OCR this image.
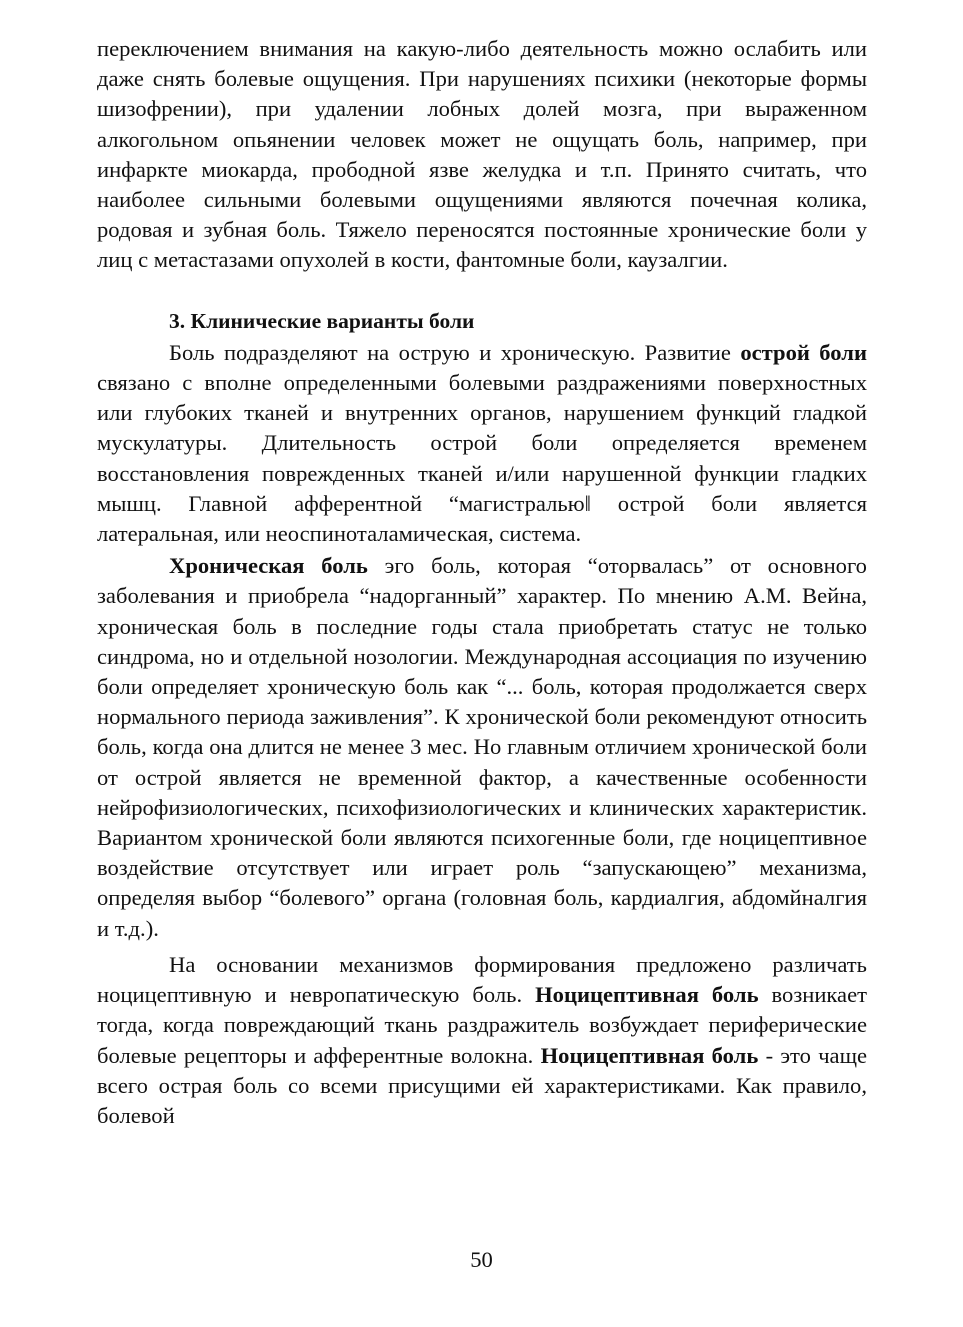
переключением внимания на какую-либо деятельность можно ослабить или даже снять болевые ощущения. При нарушениях психики (некоторые формы шизофрении), при удалении лобных долей мозга, при выраженном алкогольном опьянении человек может не ощущать боль, например, при инфаркте миокарда, прободной язве желудка и т.п. Принято считать, что наиболее сильными болевыми ощущениями являются почечная колика, родовая и зубная боль. Тяжело переносятся постоянные хронические боли у лиц с метастазами опухолей в кости, фантомные боли, каузалгии.

3. Клинические варианты боли

Боль подразделяют на острую и хроническую. Развитие острой боли связано с вполне определенными болевыми раздражениями поверхностных или глубоких тканей и внутренних органов, нарушением функций гладкой мускулатуры. Длительность острой боли определяется временем восстановления поврежденных тканей и/или нарушенной функции гладких мышц. Главной афферентной “магистралью‖ острой боли является латеральная, или неоспиноталамическая, система.

Хроническая боль эго боль, которая “оторвалась” от основного заболевания и приобрела “надорганный” характер. По мнению А.М. Вейна, хроническая боль в последние годы стала приобретать статус не только синдрома, но и отдельной нозологии. Международная ассоциация по изучению боли определяет хроническую боль как “... боль, которая продолжается сверх нормального периода заживления”. К хронической боли рекомендуют относить боль, когда она длится не менее 3 мес. Но главным отличием хронической боли от острой является не временной фактор, а качественные особенности нейрофизиологических, психофизиологических и клинических характеристик. Вариантом хронической боли являются психогенные боли, где ноцицептивное воздействие отсутствует или играет роль “запускающею” механизма, определяя выбор “болевого” органа (головная боль, кардиалгия, абдомйналгия и т.д.).

На основании механизмов формирования предложено различать ноцицептивную и невропатическую боль. Ноцицептивная боль возникает тогда, когда повреждающий ткань раздражитель возбуждает периферические болевые рецепторы и афферентные волокна. Ноцицептивная боль - это чаще всего острая боль со всеми присущими ей характеристиками. Как правило, болевой

50
